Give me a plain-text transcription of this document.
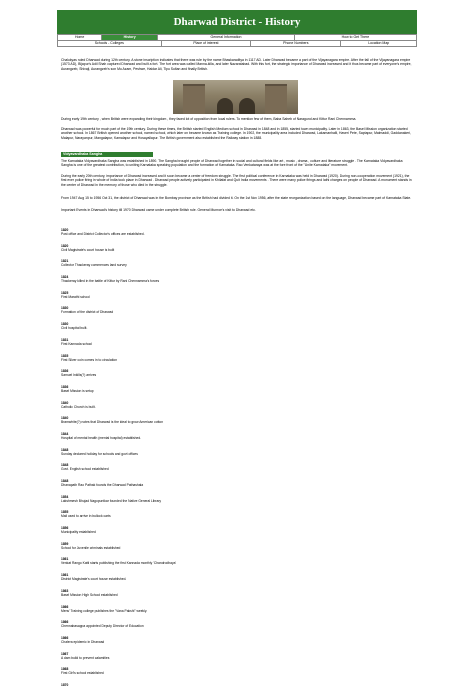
Dharwad District - History
Home	History	General Information	How to Get There
Schools - Colleges	Place of interest	Phone Numbers	Location Map

Chalukyas ruled Dharwad during 12th century. A stone inscription indicates that there was rule by the name Bhaskaraditya in 1117 AD. Later Dharwad became a part of the Vijayanagara empire. After the fall of the Vijayanagara empire (1573 AD), Bijapur's Adil Shah captured Dharwad and built a fort. The fort area was called Manna-killa, and later Nazaratabad. With this fort, the strategic importance of Dharwad increased and it thus became part of everyone's empire, Aurangzeb, Shivaji, Aurangzeb's son Mu Azam, Peshwe, Haidar Ali, Tipu Sultan and finally British.

During early 19th century , when British were expanding their kingdom , they faced lot of opposition from local rulers. To mention few of them, Baba Saheb of Naragund and Kittur Rani Chennamma.

Dharwad was powerful for much part of the 19th century. During these times, the British started English Medium school in Dharwad in 1848 and in 1855, started town municipality. Later in 1863, the Basel Mission organization started another school. In 1867 British opened another school, named school, which later on became known as Training college. In 1902, the municipality area included Dharwad, Lakamanhalli, Haveri Pete, Saptapur, Malmaddi, Gaddanakeri, Malapur, Narayanpur, Mangalapur, Kamalapur and Hosayallapur. The British government also established the Railway station in 1888.

Vidyavardhaka Sangha

The Karnataka Vidyavardhaka Sangha was established in 1890. The Sangha brought people of Dharwad together in social and cultural fields like art , music , drama , culture and literature struggle . The Karnataka Vidyavardhaka Sangha is one of the greatest contribution, to uniting Karnataka speaking population and the formation of Karnataka. Rao Venkataraya was at the fore front of the "Unite Karnataka" movement.

During the early 20th century, importance of Dharwad increased and it soon became a center of freedom struggle. The first political conference in Karnataka was held in Dharwad (1920). During non-cooperation movement (1921), the first ever police firing in whole of India took place in Dharwad . Dharwad people actively participated in Khilafat and Quit India movements . There were many police firings and lathi charges on people of Dharwad. A monument stands in the center of Dharwad in the memory of those who died in the struggle.

From 1947 Aug 15 to 1956 Oct 31, the district of Dharwad was in the Bombay province as the British had divided it. On the 1st Nov 1956, after the state reorganization based on the language, Dharwad became part of Karnataka State.

Important Events in Dharwad's history till 1970 Dharwad came under complete British rule. General Munroe's visit to Dharwad etc.

1820
Post office and District Collector's offices are established.
1820
Civil Magistrate's court house is built
1821
Collector Thackeray commences land survey
1824
Thackeray killed in the battle of Kittur by Rani Chennamma's forces
1825
First Marathi school
1830
Formation of the district of Dharwad
1830
Civil hospital built.
1831
First Kannada school
1835
First Silver coin comes in to circulation
1836
Samuel Inkills(?) arrives
1836
Basel Mission is setup
1840
Catholic Church is built.
1840
Bramwhite(?) notes that Dharwad is the ideal to grow American cotton
1844
Hospital of mental health (mental hospital) established.
1848
Sunday declared holiday for schools and govt offices
1848
Govt. English school established
1848
Dhanapath Rao Pathak founds the Dharwad Pathashala
1854
Lakshmesh Bhujad Nagopuntkar founded the Native General Library
1855
Mail used to arrive in bullock carts
1856
Municipality established
1859
School for Juvenile criminals established
1861
Venkat Rango Katti starts publishing the first Kannada monthly 'Chandrodhaya'
1861
District Magistrate's court house established.
1863
Basel Mission High School established
1866
Mens' Training college publishes the "Vana Pakshi" weekly.
1866
Chennabasappa appointed Deputy Director of Education
1866
Chalera epidemic in Dharwad
1867
A dam build to prevent calamities
1868
First Girl's school established
1870
